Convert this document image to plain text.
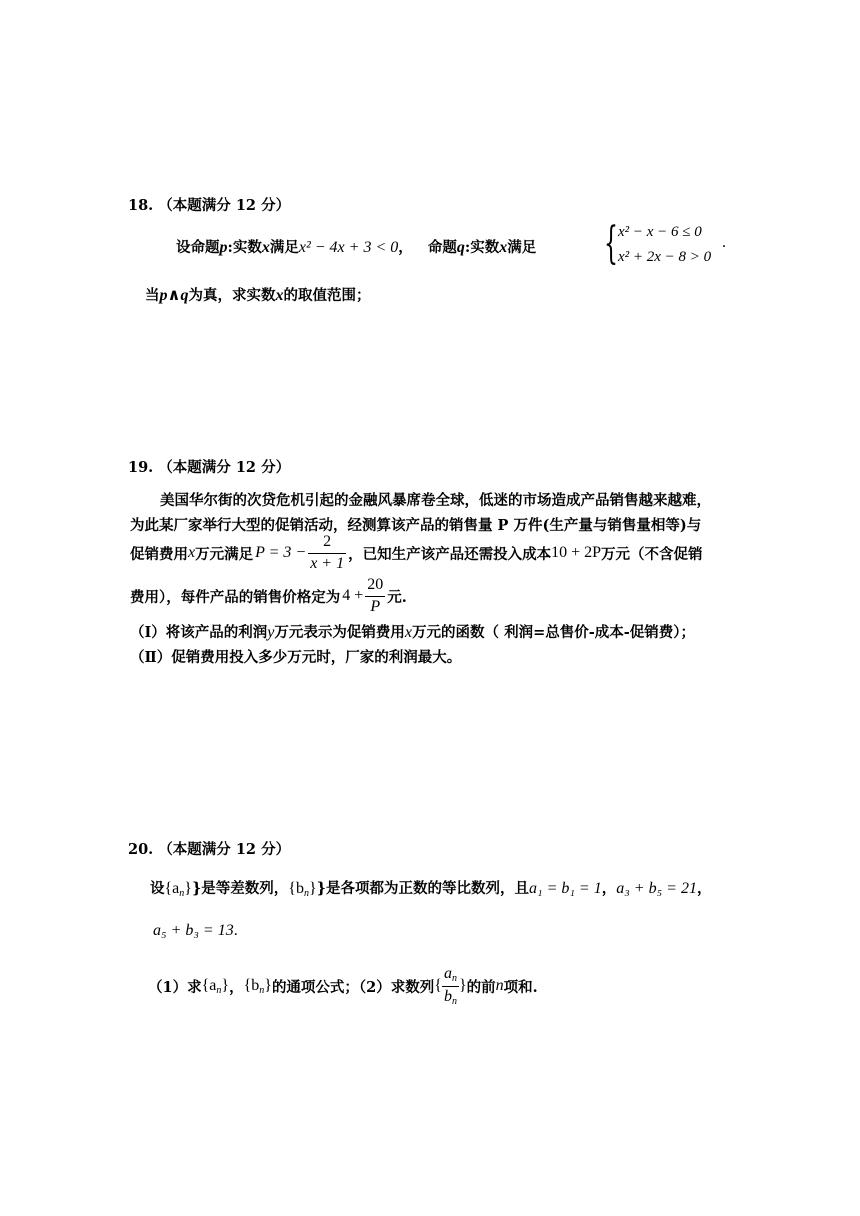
18. （本题满分 12 分）
设命题p:实数x满足x² − 4x + 3 < 0， 命题q:实数x满足 { x² − x − 6 ≤ 0
x² + 2x − 8 > 0
.
当p∧q为真，求实数x的取值范围；
19. （本题满分 12 分）
美国华尔街的次贷危机引起的金融风暴席卷全球，低迷的市场造成产品销售越来越难，
为此某厂家举行大型的促销活动，经测算该产品的销售量 P 万件(生产量与销售量相等)与
促销费用 x 万元满足 $P = 3 - \frac{2}{x + 1}$ ，已知生产该产品还需投入成本 10 + 2P 万元（不含促销
费用），每件产品的销售价格定为 $4 + \frac{20}{P}$ 元.
（Ⅰ）将该产品的利润y万元表示为促销费用x万元的函数（ 利润=总售价-成本-促销费）；
（Ⅱ）促销费用投入多少万元时，厂家的利润最大。
20. （本题满分 12 分）
设$\{a_n\}$}是等差数列，$\{b_n\}$}是各项都为正数的等比数列，且a₁ = b₁ = 1，a₃ + b₅ = 21，
a₅ + b₃ = 13.
（1）求 $\{a_n\}$ ， $\{b_n\}$ 的通项公式；（2）求数列 { $\frac{a_n}{b_n}$ } 的前 n 项和.
